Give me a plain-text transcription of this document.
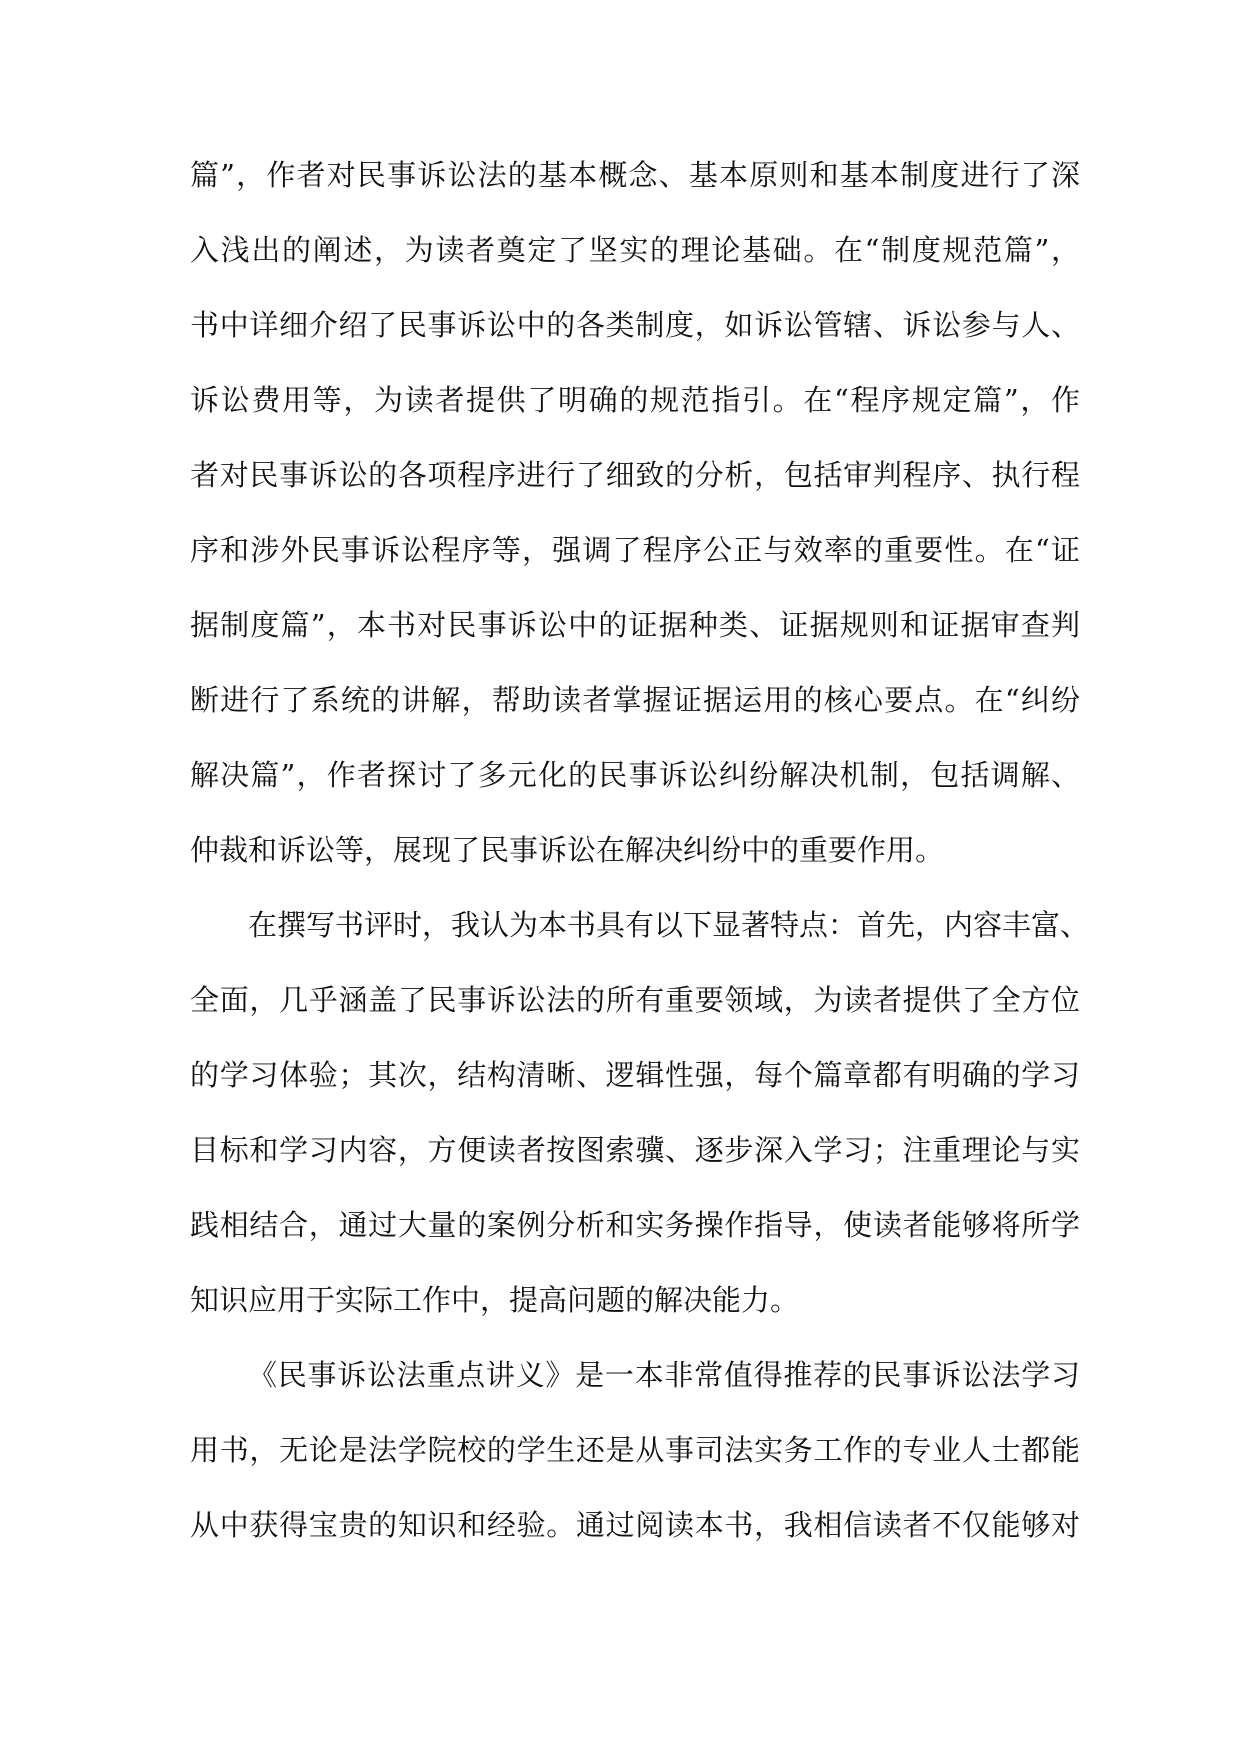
篇”，作者对民事诉讼法的基本概念、基本原则和基本制度进行了深
入浅出的阐述，为读者奠定了坚实的理论基础。在“制度规范篇”，
书中详细介绍了民事诉讼中的各类制度，如诉讼管辖、诉讼参与人、
诉讼费用等，为读者提供了明确的规范指引。在“程序规定篇”，作
者对民事诉讼的各项程序进行了细致的分析，包括审判程序、执行程
序和涉外民事诉讼程序等，强调了程序公正与效率的重要性。在“证
据制度篇”，本书对民事诉讼中的证据种类、证据规则和证据审查判
断进行了系统的讲解，帮助读者掌握证据运用的核心要点。在“纠纷
解决篇”，作者探讨了多元化的民事诉讼纠纷解决机制，包括调解、
仲裁和诉讼等，展现了民事诉讼在解决纠纷中的重要作用。
在撰写书评时，我认为本书具有以下显著特点：首先，内容丰富、
全面，几乎涵盖了民事诉讼法的所有重要领域，为读者提供了全方位
的学习体验；其次，结构清晰、逻辑性强，每个篇章都有明确的学习
目标和学习内容，方便读者按图索骥、逐步深入学习；注重理论与实
践相结合，通过大量的案例分析和实务操作指导，使读者能够将所学
知识应用于实际工作中，提高问题的解决能力。
《民事诉讼法重点讲义》是一本非常值得推荐的民事诉讼法学习
用书，无论是法学院校的学生还是从事司法实务工作的专业人士都能
从中获得宝贵的知识和经验。通过阅读本书，我相信读者不仅能够对
